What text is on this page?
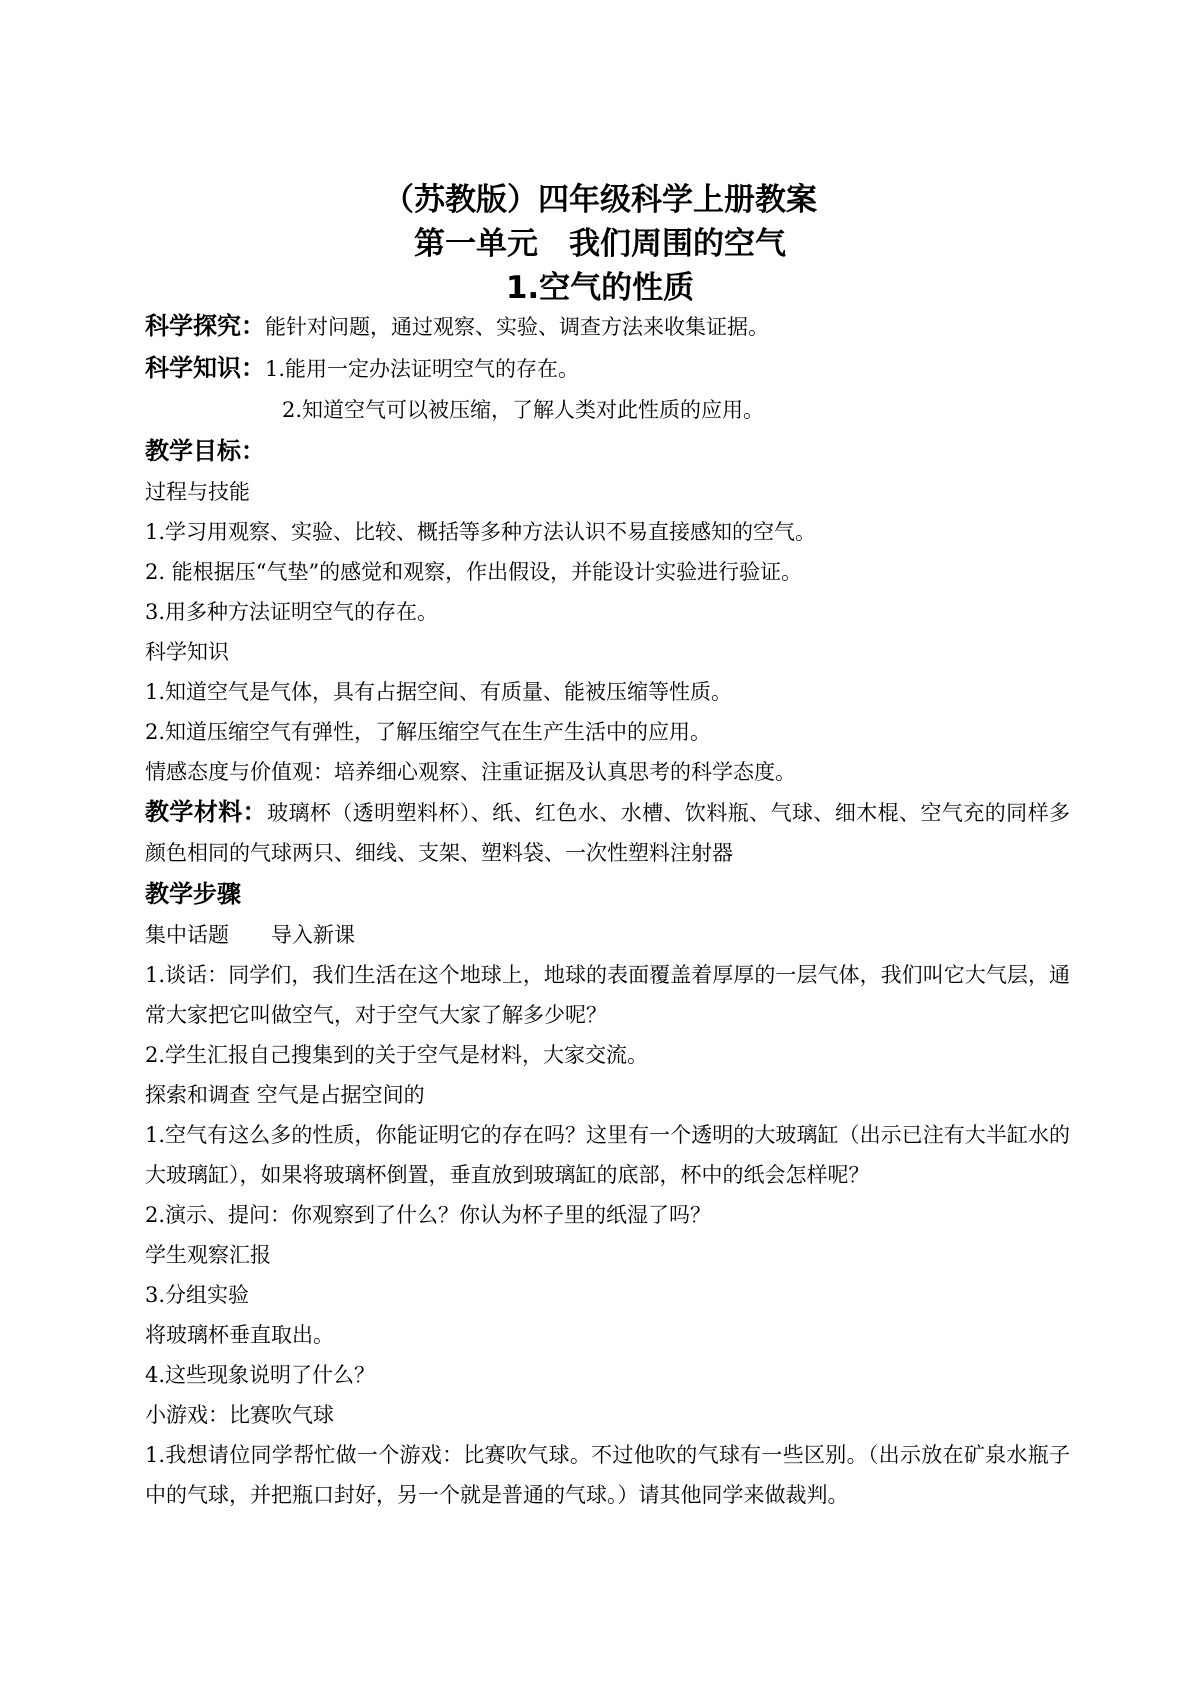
（苏教版）四年级科学上册教案
第一单元　我们周围的空气
1.空气的性质
科学探究：能针对问题，通过观察、实验、调查方法来收集证据。
科学知识：1.能用一定办法证明空气的存在。
2.知道空气可以被压缩，了解人类对此性质的应用。
教学目标：
过程与技能
1.学习用观察、实验、比较、概括等多种方法认识不易直接感知的空气。
2. 能根据压“气垫”的感觉和观察，作出假设，并能设计实验进行验证。
3.用多种方法证明空气的存在。
科学知识
1.知道空气是气体，具有占据空间、有质量、能被压缩等性质。
2.知道压缩空气有弹性，了解压缩空气在生产生活中的应用。
情感态度与价值观：培养细心观察、注重证据及认真思考的科学态度。
教学材料：玻璃杯（透明塑料杯）、纸、红色水、水槽、饮料瓶、气球、细木棍、空气充的同样多颜色相同的气球两只、细线、支架、塑料袋、一次性塑料注射器
教学步骤
集中话题　　导入新课
1.谈话：同学们，我们生活在这个地球上，地球的表面覆盖着厚厚的一层气体，我们叫它大气层，通常大家把它叫做空气，对于空气大家了解多少呢？
2.学生汇报自己搜集到的关于空气是材料，大家交流。
探索和调查 空气是占据空间的
1.空气有这么多的性质，你能证明它的存在吗？这里有一个透明的大玻璃缸（出示已注有大半缸水的大玻璃缸），如果将玻璃杯倒置，垂直放到玻璃缸的底部，杯中的纸会怎样呢？
2.演示、提问：你观察到了什么？你认为杯子里的纸湿了吗？
学生观察汇报
3.分组实验
将玻璃杯垂直取出。
4.这些现象说明了什么？
小游戏：比赛吹气球
1.我想请位同学帮忙做一个游戏：比赛吹气球。不过他吹的气球有一些区别。（出示放在矿泉水瓶子中的气球，并把瓶口封好，另一个就是普通的气球。）请其他同学来做裁判。
